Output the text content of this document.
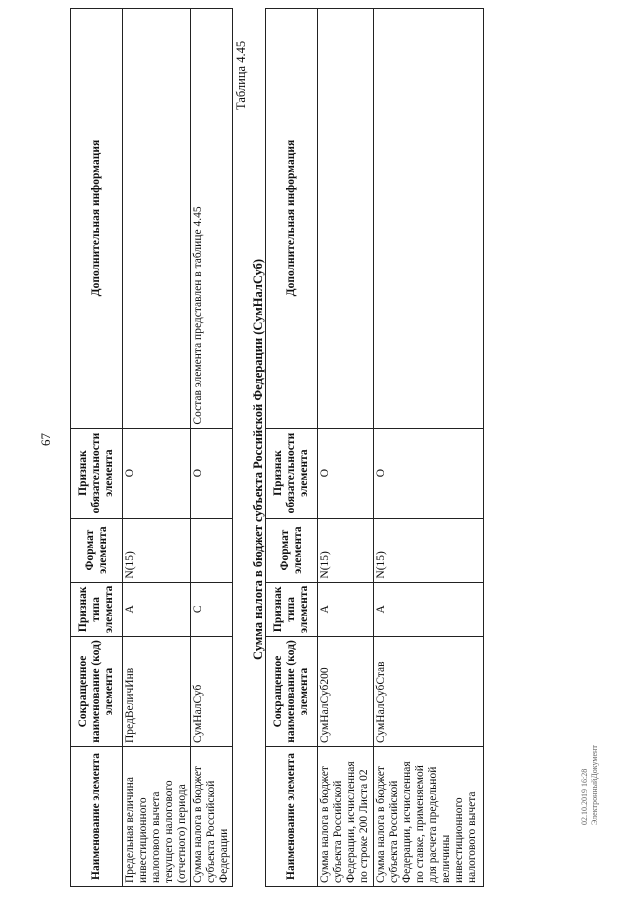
67
Наименование элемента	Сокращенное наименование (код) элемента	Признак типа элемента	Формат элемента	Признак обязательности элемента	Дополнительная информация
Предельная величина инвестиционного налогового вычета текущего налогового (отчетного) периода	ПредВеличИнв	А	N(15)	О	
Сумма налога в бюджет субъекта Российской Федерации	СумНалСуб	С		О	Состав элемента представлен в таблице 4.45
Таблица 4.45
Сумма налога в бюджет субъекта Российской Федерации (СумНалСуб)
Наименование элемента	Сокращенное наименование (код) элемента	Признак типа элемента	Формат элемента	Признак обязательности элемента	Дополнительная информация
Сумма налога в бюджет субъекта Российской Федерации, исчисленная по строке 200 Листа 02	СумНалСуб200	А	N(15)	О	
Сумма налога в бюджет субъекта Российской Федерации, исчисленная по ставке, применяемой для расчета предельной величины инвестиционного налогового вычета	СумНалСубСтав	А	N(15)	О	
02.10.2019 16:28 ЭлектронныйДокумент
